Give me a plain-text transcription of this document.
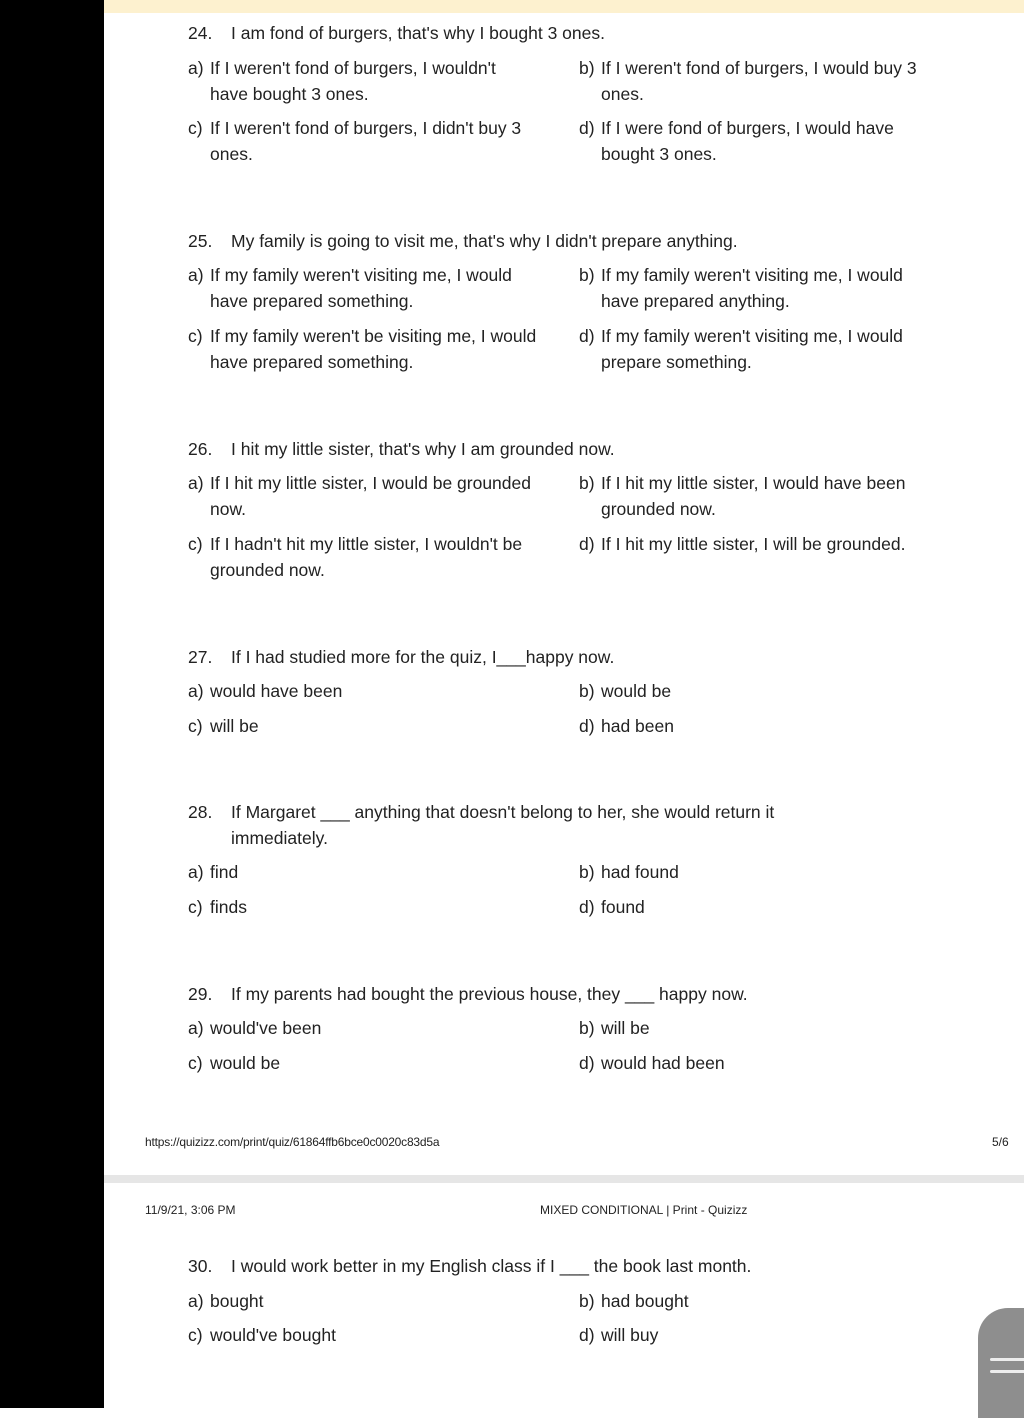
24. I am fond of burgers, that's why I bought 3 ones.
a) If I weren't fond of burgers, I wouldn't have bought 3 ones.
b) If I weren't fond of burgers, I would buy 3 ones.
c) If I weren't fond of burgers, I didn't buy 3 ones.
d) If I were fond of burgers, I would have bought 3 ones.
25. My family is going to visit me, that's why I didn't prepare anything.
a) If my family weren't visiting me, I would have prepared something.
b) If my family weren't visiting me, I would have prepared anything.
c) If my family weren't be visiting me, I would have prepared something.
d) If my family weren't visiting me, I would prepare something.
26. I hit my little sister, that's why I am grounded now.
a) If I hit my little sister, I would be grounded now.
b) If I hit my little sister, I would have been grounded now.
c) If I hadn't hit my little sister, I wouldn't be grounded now.
d) If I hit my little sister, I will be grounded.
27. If I had studied more for the quiz, I___happy now.
a) would have been	b) would be
c) will be	d) had been
28. If Margaret ___ anything that doesn't belong to her, she would return it immediately.
a) find	b) had found
c) finds	d) found
29. If my parents had bought the previous house, they ___ happy now.
a) would've been	b) will be
c) would be	d) would had been
https://quizizz.com/print/quiz/61864ffb6bce0c0020c83d5a	5/6
11/9/21, 3:06 PM	MIXED CONDITIONAL | Print - Quizizz
30. I would work better in my English class if I ___ the book last month.
a) bought	b) had bought
c) would've bought	d) will buy
